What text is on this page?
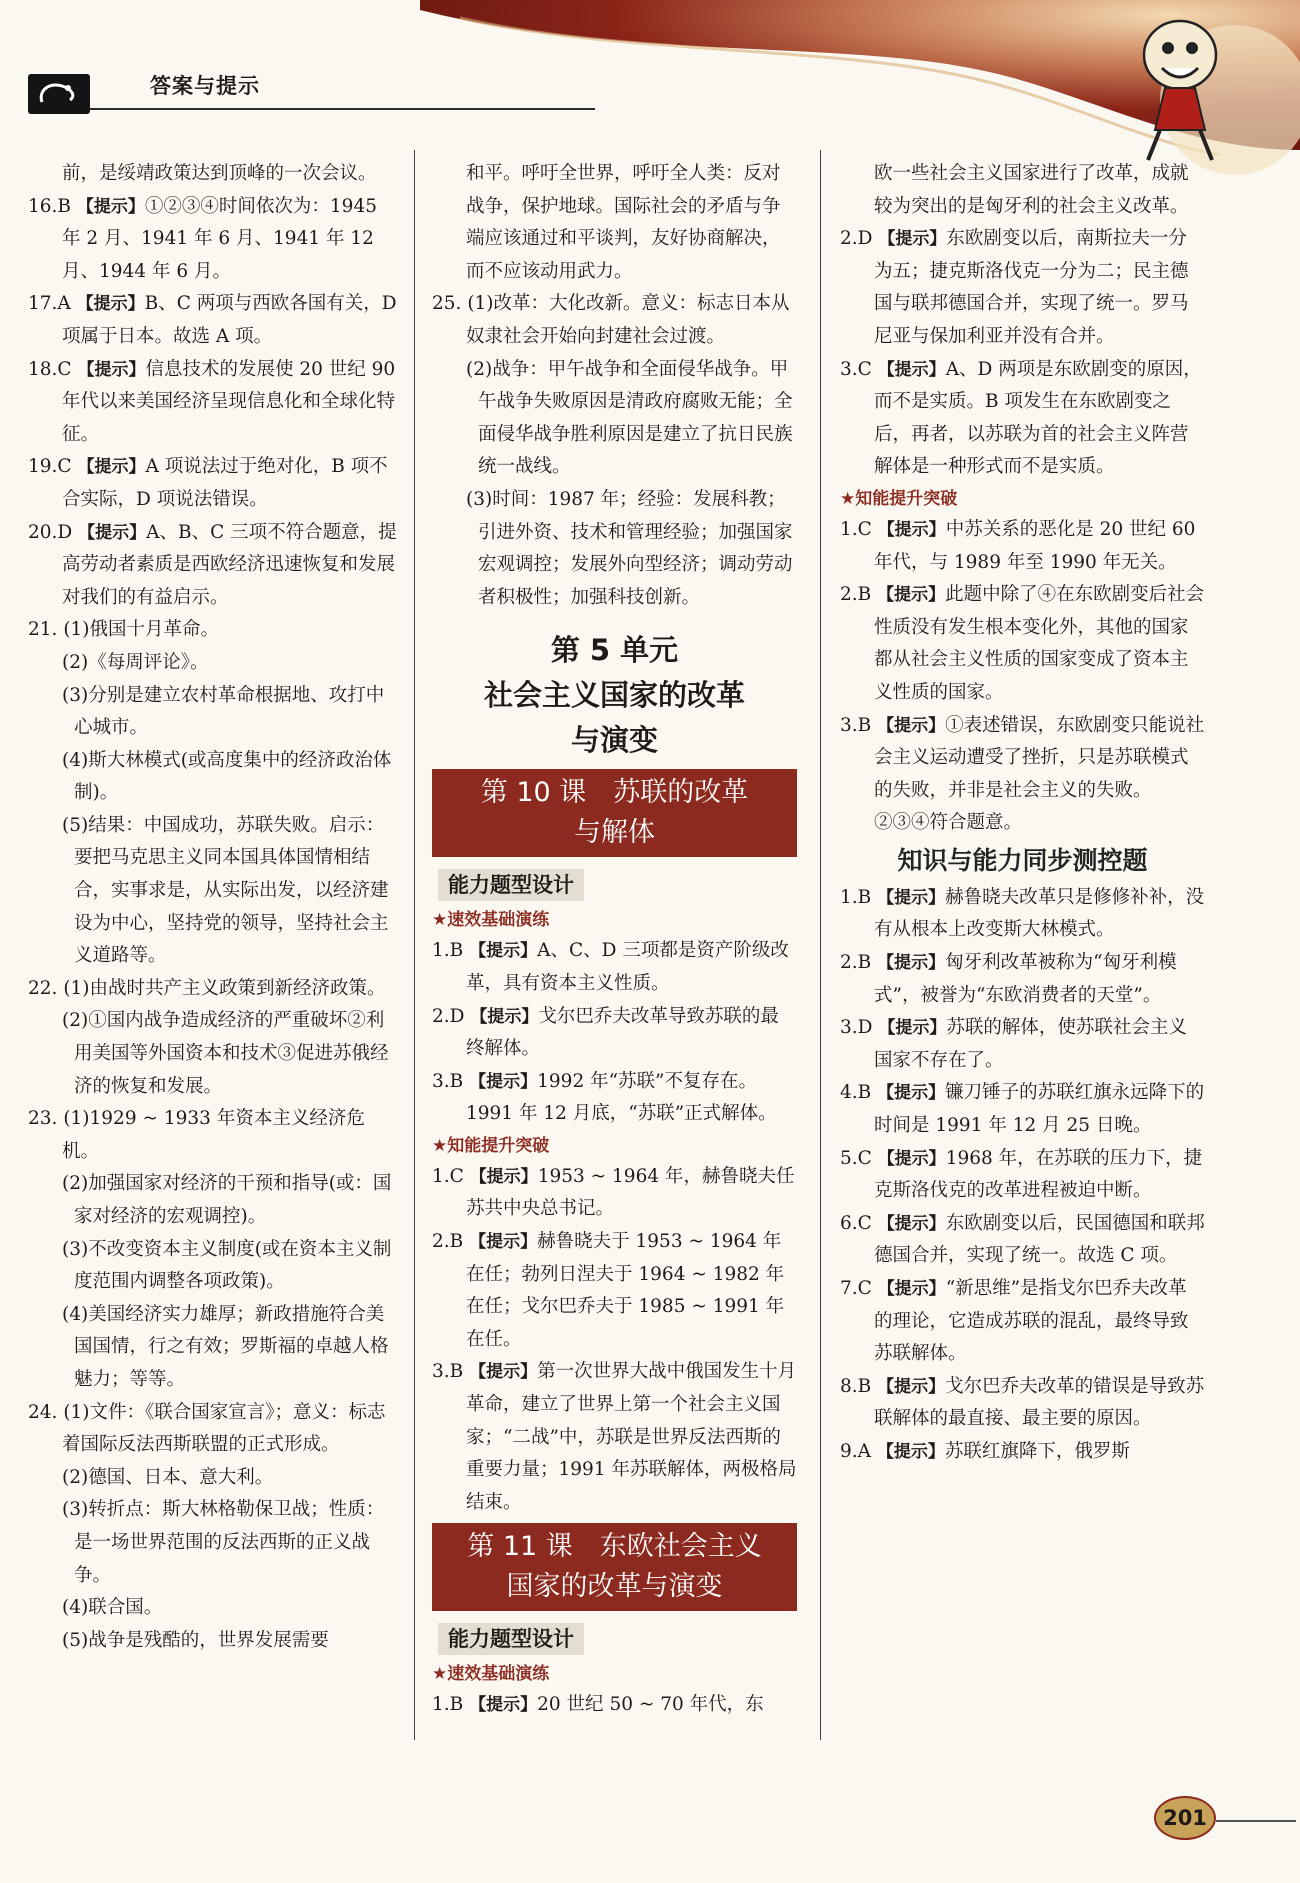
答案与提示

前，是绥靖政策达到顶峰的一次会议。

16.B 【提示】①②③④时间依次为：1945 年 2 月、1941 年 6 月、1941 年 12 月、1944 年 6 月。

17.A 【提示】B、C 两项与西欧各国有关，D 项属于日本。故选 A 项。

18.C 【提示】信息技术的发展使 20 世纪 90 年代以来美国经济呈现信息化和全球化特征。

19.C 【提示】A 项说法过于绝对化，B 项不合实际，D 项说法错误。

20.D 【提示】A、B、C 三项不符合题意，提高劳动者素质是西欧经济迅速恢复和发展对我们的有益启示。

21. (1)俄国十月革命。

(2)《每周评论》。

(3)分别是建立农村革命根据地、攻打中心城市。

(4)斯大林模式(或高度集中的经济政治体制)。

(5)结果：中国成功，苏联失败。启示：要把马克思主义同本国具体国情相结合，实事求是，从实际出发，以经济建设为中心，坚持党的领导，坚持社会主义道路等。

22. (1)由战时共产主义政策到新经济政策。

(2)①国内战争造成经济的严重破坏②利用美国等外国资本和技术③促进苏俄经济的恢复和发展。

23. (1)1929 ~ 1933 年资本主义经济危机。

(2)加强国家对经济的干预和指导(或：国家对经济的宏观调控)。

(3)不改变资本主义制度(或在资本主义制度范围内调整各项政策)。

(4)美国经济实力雄厚；新政措施符合美国国情，行之有效；罗斯福的卓越人格魅力；等等。

24. (1)文件：《联合国家宣言》；意义：标志着国际反法西斯联盟的正式形成。

(2)德国、日本、意大利。

(3)转折点：斯大林格勒保卫战；性质：是一场世界范围的反法西斯的正义战争。

(4)联合国。

(5)战争是残酷的，世界发展需要

和平。呼吁全世界，呼吁全人类：反对战争，保护地球。国际社会的矛盾与争端应该通过和平谈判，友好协商解决，而不应该动用武力。

25. (1)改革：大化改新。意义：标志日本从奴隶社会开始向封建社会过渡。

(2)战争：甲午战争和全面侵华战争。甲午战争失败原因是清政府腐败无能；全面侵华战争胜利原因是建立了抗日民族统一战线。

(3)时间：1987 年；经验：发展科教；引进外资、技术和管理经验；加强国家宏观调控；发展外向型经济；调动劳动者积极性；加强科技创新。

第 5 单元
社会主义国家的改革
与演变
第 10 课　苏联的改革
与解体
能力题型设计
★速效基础演练

1.B 【提示】A、C、D 三项都是资产阶级改革，具有资本主义性质。

2.D 【提示】戈尔巴乔夫改革导致苏联的最终解体。

3.B 【提示】1992 年“苏联”不复存在。1991 年 12 月底，“苏联”正式解体。

★知能提升突破

1.C 【提示】1953 ~ 1964 年，赫鲁晓夫任苏共中央总书记。

2.B 【提示】赫鲁晓夫于 1953 ~ 1964 年在任；勃列日涅夫于 1964 ~ 1982 年在任；戈尔巴乔夫于 1985 ~ 1991 年在任。

3.B 【提示】第一次世界大战中俄国发生十月革命，建立了世界上第一个社会主义国家；“二战”中，苏联是世界反法西斯的重要力量；1991 年苏联解体，两极格局结束。

第 11 课　东欧社会主义
国家的改革与演变
能力题型设计
★速效基础演练

1.B 【提示】20 世纪 50 ~ 70 年代，东

欧一些社会主义国家进行了改革，成就较为突出的是匈牙利的社会主义改革。

2.D 【提示】东欧剧变以后，南斯拉夫一分为五；捷克斯洛伐克一分为二；民主德国与联邦德国合并，实现了统一。罗马尼亚与保加利亚并没有合并。

3.C 【提示】A、D 两项是东欧剧变的原因，而不是实质。B 项发生在东欧剧变之后，再者，以苏联为首的社会主义阵营解体是一种形式而不是实质。

★知能提升突破

1.C 【提示】中苏关系的恶化是 20 世纪 60 年代，与 1989 年至 1990 年无关。

2.B 【提示】此题中除了④在东欧剧变后社会性质没有发生根本变化外，其他的国家都从社会主义性质的国家变成了资本主义性质的国家。

3.B 【提示】①表述错误，东欧剧变只能说社会主义运动遭受了挫折，只是苏联模式的失败，并非是社会主义的失败。②③④符合题意。

知识与能力同步测控题

1.B 【提示】赫鲁晓夫改革只是修修补补，没有从根本上改变斯大林模式。

2.B 【提示】匈牙利改革被称为“匈牙利模式”，被誉为“东欧消费者的天堂”。

3.D 【提示】苏联的解体，使苏联社会主义国家不存在了。

4.B 【提示】镰刀锤子的苏联红旗永远降下的时间是 1991 年 12 月 25 日晚。

5.C 【提示】1968 年，在苏联的压力下，捷克斯洛伐克的改革进程被迫中断。

6.C 【提示】东欧剧变以后，民国德国和联邦德国合并，实现了统一。故选 C 项。

7.C 【提示】“新思维”是指戈尔巴乔夫改革的理论，它造成苏联的混乱，最终导致苏联解体。

8.B 【提示】戈尔巴乔夫改革的错误是导致苏联解体的最直接、最主要的原因。

9.A 【提示】苏联红旗降下，俄罗斯

201
